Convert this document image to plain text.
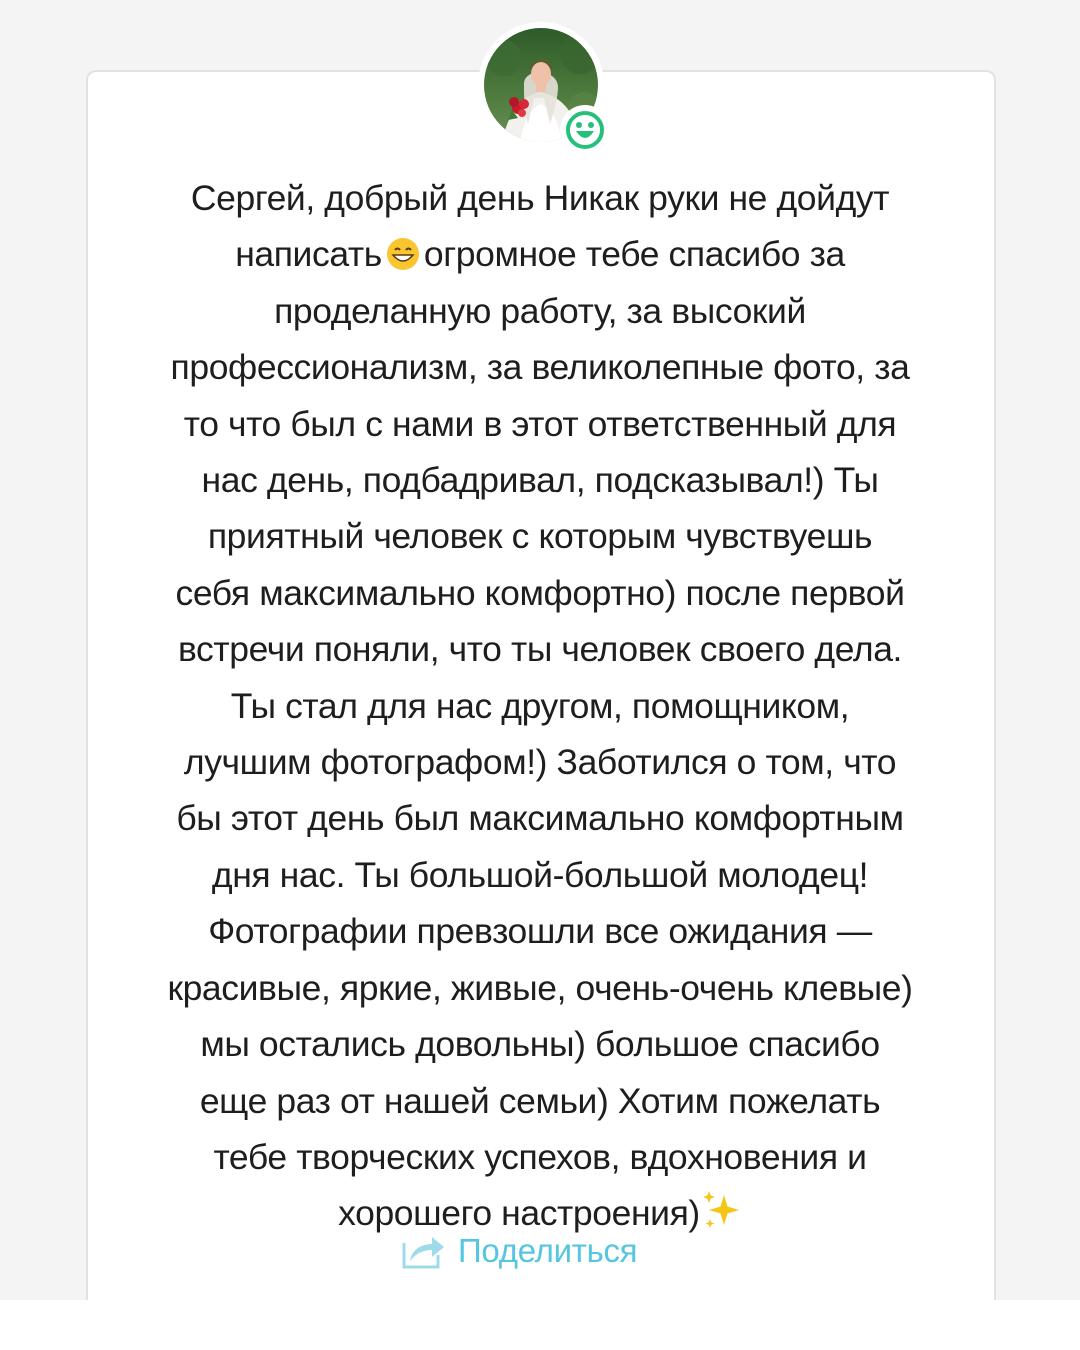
Сергей, добрый день Никак руки не дойдут
написать огромное тебе спасибо за
проделанную работу, за высокий
профессионализм, за великолепные фото, за
то что был с нами в этот ответственный для
нас день, подбадривал, подсказывал!) Ты
приятный человек с которым чувствуешь
себя максимально комфортно) после первой
встречи поняли, что ты человек своего дела.
Ты стал для нас другом, помощником,
лучшим фотографом!) Заботился о том, что
бы этот день был максимально комфортным
дня нас. Ты большой-большой молодец!
Фотографии превзошли все ожидания —
красивые, яркие, живые, очень-очень клевые)
мы остались довольны) большое спасибо
еще раз от нашей семьи) Хотим пожелать
тебе творческих успехов, вдохновения и
хорошего настроения)
Поделиться
